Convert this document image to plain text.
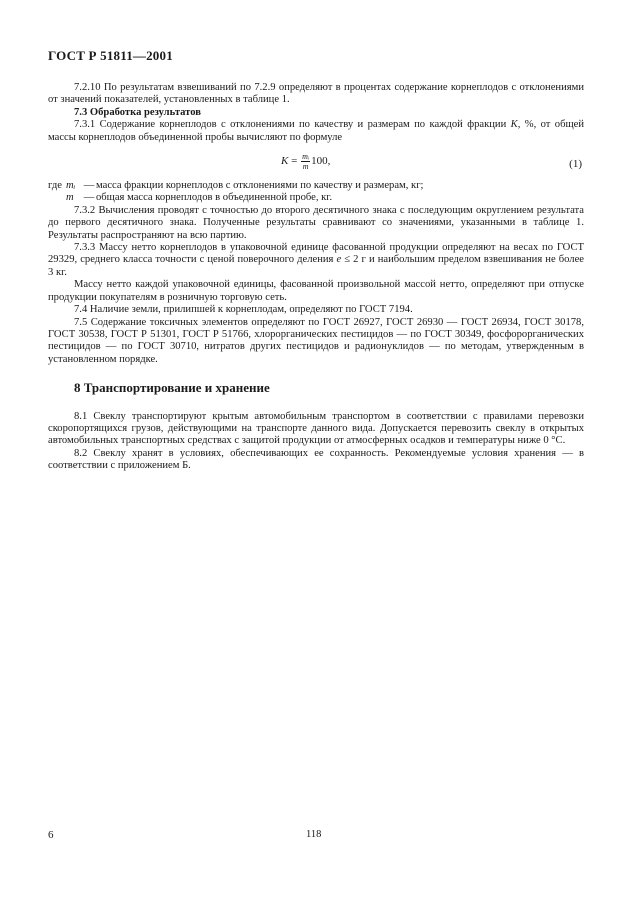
ГОСТ Р 51811—2001

7.2.10 По результатам взвешиваний по 7.2.9 определяют в процентах содержание корнеплодов с отклонениями от значений показателей, установленных в таблице 1.

7.3 Обработка результатов

7.3.1 Содержание корнеплодов с отклонениями по качеству и размерам по каждой фракции K, %, от общей массы корнеплодов объединенной пробы вычисляют по формуле

$K = \frac{\text{mᵢ}}{m} 100$,	(1)
где mᵢ — масса фракции корнеплодов с отклонениями по качеству и размерам, кг;
m — общая масса корнеплодов в объединенной пробе, кг.

7.3.2 Вычисления проводят с точностью до второго десятичного знака с последующим округлением результата до первого десятичного знака. Полученные результаты сравнивают со значениями, указанными в таблице 1. Результаты распространяют на всю партию.

7.3.3 Массу нетто корнеплодов в упаковочной единице фасованной продукции определяют на весах по ГОСТ 29329, среднего класса точности с ценой поверочного деления e ≤ 2 г и наибольшим пределом взвешивания не более 3 кг.

Массу нетто каждой упаковочной единицы, фасованной произвольной массой нетто, определяют при отпуске продукции покупателям в розничную торговую сеть.

7.4 Наличие земли, прилипшей к корнеплодам, определяют по ГОСТ 7194.

7.5 Содержание токсичных элементов определяют по ГОСТ 26927, ГОСТ 26930 — ГОСТ 26934, ГОСТ 30178, ГОСТ 30538, ГОСТ Р 51301, ГОСТ Р 51766, хлорорганических пестицидов — по ГОСТ 30349, фосфорорганических пестицидов — по ГОСТ 30710, нитратов других пестицидов и радионуклидов — по методам, утвержденным в установленном порядке.

8 Транспортирование и хранение

8.1 Свеклу транспортируют крытым автомобильным транспортом в соответствии с правилами перевозки скоропортящихся грузов, действующими на транспорте данного вида. Допускается перевозить свеклу в открытых автомобильных транспортных средствах с защитой продукции от атмосферных осадков и температуры ниже 0 °С.

8.2 Свеклу хранят в условиях, обеспечивающих ее сохранность. Рекомендуемые условия хранения — в соответствии с приложением Б.

6	118
